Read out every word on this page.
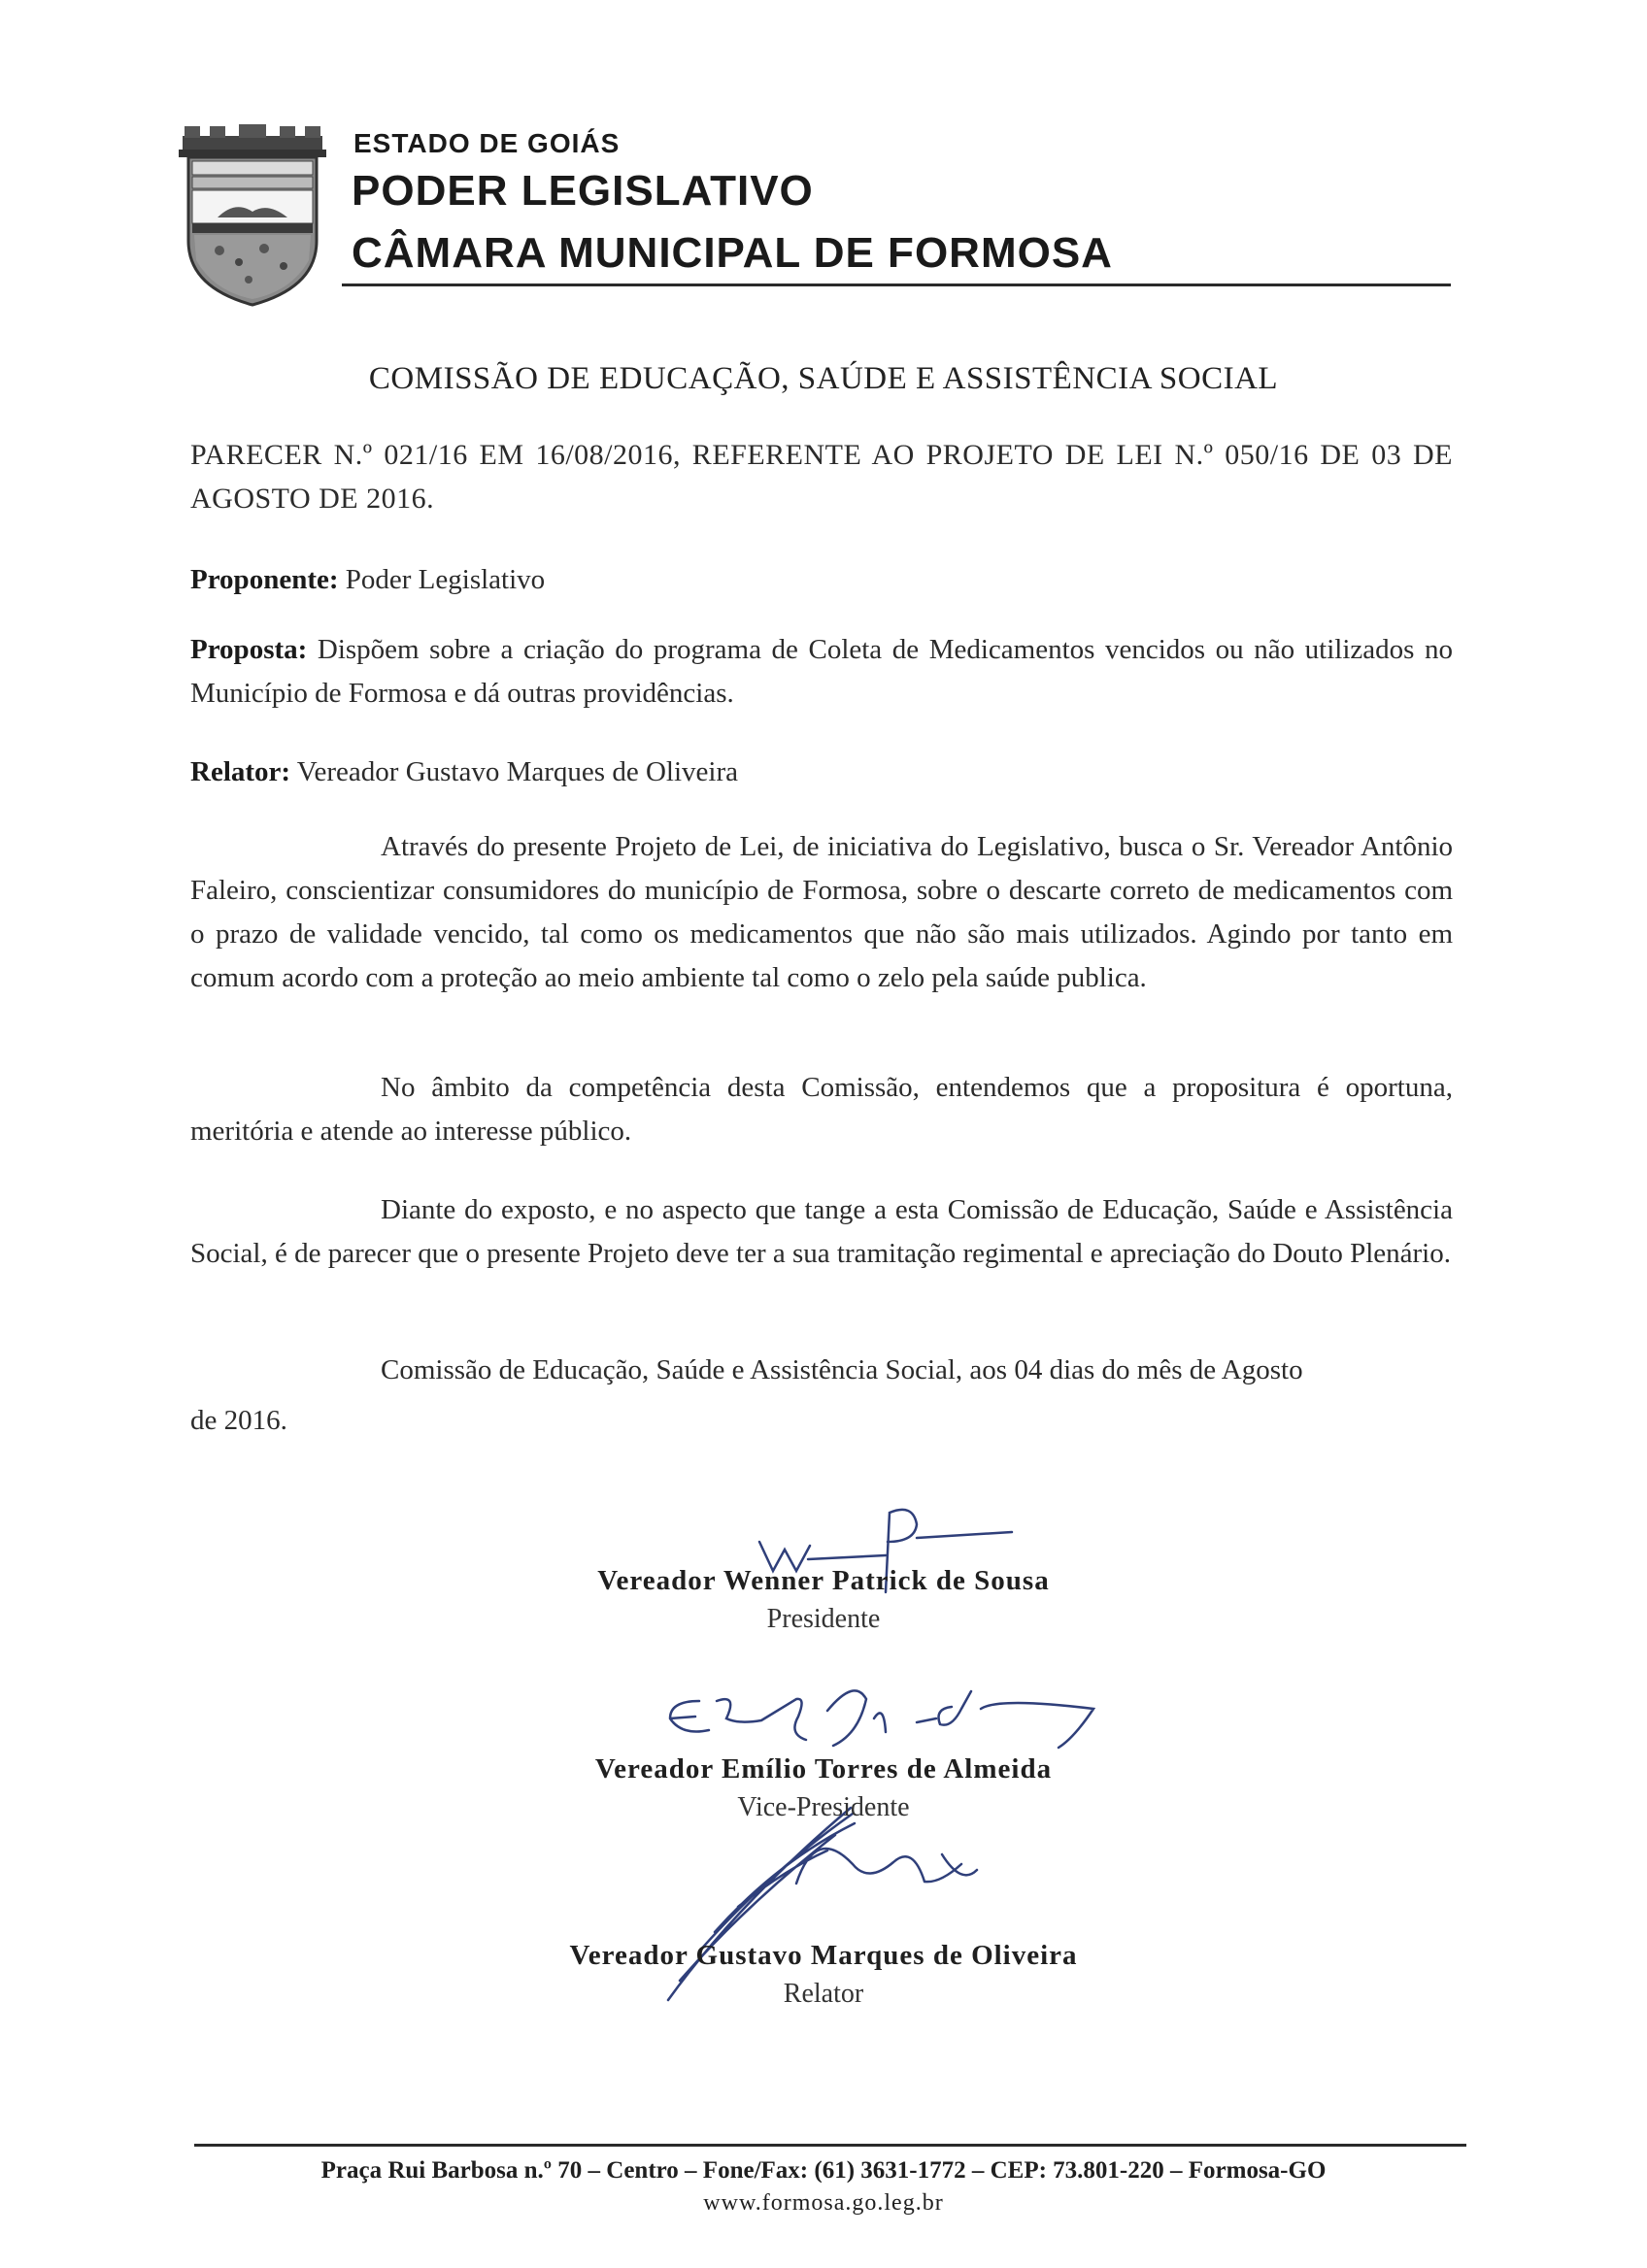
ESTADO DE GOIÁS
PODER LEGISLATIVO
CÂMARA MUNICIPAL DE FORMOSA
COMISSÃO DE EDUCAÇÃO, SAÚDE E ASSISTÊNCIA SOCIAL
PARECER N.º 021/16 EM 16/08/2016, REFERENTE AO PROJETO DE LEI N.º 050/16 DE 03 DE AGOSTO DE 2016.
Proponente: Poder Legislativo
Proposta: Dispõem sobre a criação do programa de Coleta de Medicamentos vencidos ou não utilizados no Município de Formosa e dá outras providências.
Relator: Vereador Gustavo Marques de Oliveira
Através do presente Projeto de Lei, de iniciativa do Legislativo, busca o Sr. Vereador Antônio Faleiro, conscientizar consumidores do município de Formosa, sobre o descarte correto de medicamentos com o prazo de validade vencido, tal como os medicamentos que não são mais utilizados. Agindo por tanto em comum acordo com a proteção ao meio ambiente tal como o zelo pela saúde publica.
No âmbito da competência desta Comissão, entendemos que a propositura é oportuna, meritória e atende ao interesse público.
Diante do exposto, e no aspecto que tange a esta Comissão de Educação, Saúde e Assistência Social, é de parecer que o presente Projeto deve ter a sua tramitação regimental e apreciação do Douto Plenário.
Comissão de Educação, Saúde e Assistência Social, aos 04 dias do mês de Agosto
de 2016.
Vereador Wenner Patrick de Sousa
Presidente
Vereador Emílio Torres de Almeida
Vice-Presidente
Vereador Gustavo Marques de Oliveira
Relator
Praça Rui Barbosa n.º 70 – Centro – Fone/Fax: (61) 3631-1772 – CEP: 73.801-220 – Formosa-GO
www.formosa.go.leg.br
